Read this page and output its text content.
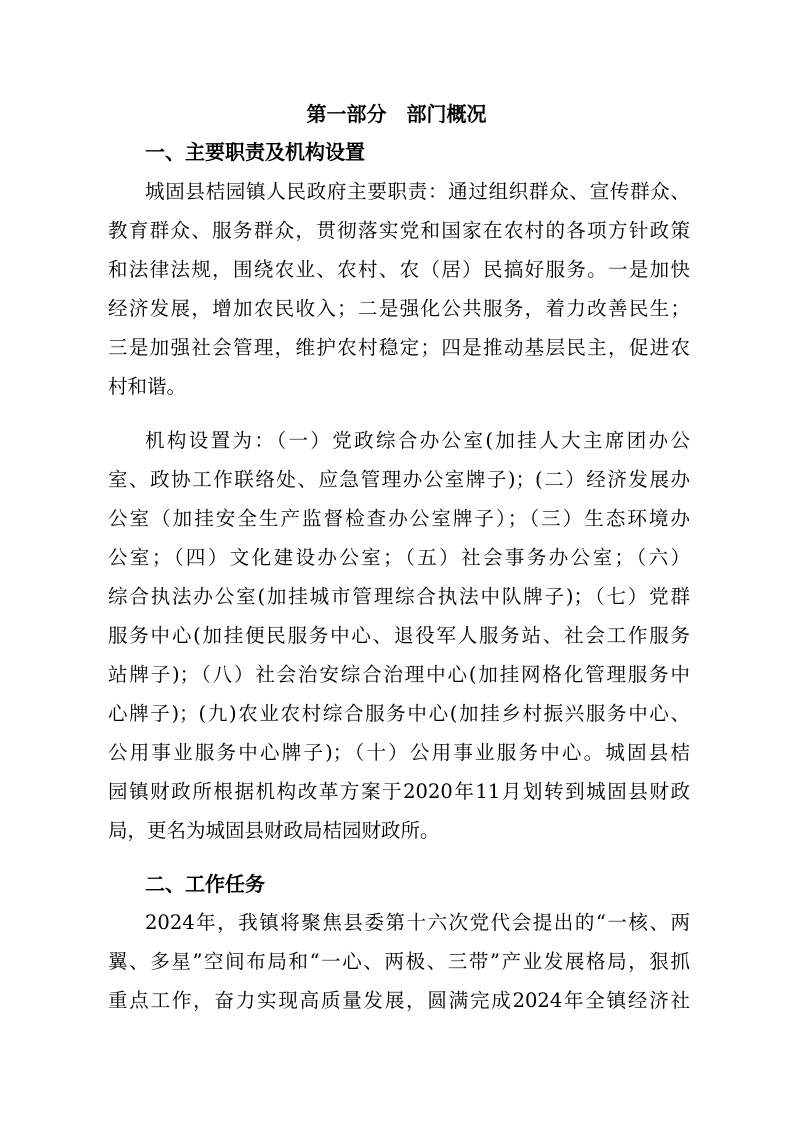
第一部分　部门概况
一、主要职责及机构设置
城固县桔园镇人民政府主要职责：通过组织群众、宣传群众、
教育群众、服务群众，贯彻落实党和国家在农村的各项方针政策
和法律法规，围绕农业、农村、农（居）民搞好服务。一是加快
经济发展，增加农民收入；二是强化公共服务，着力改善民生；
三是加强社会管理，维护农村稳定；四是推动基层民主，促进农
村和谐。
机构设置为：（一）党政综合办公室(加挂人大主席团办公
室、政协工作联络处、应急管理办公室牌子)；(二）经济发展办
公室（加挂安全生产监督检查办公室牌子）；（三）生态环境办
公室；（四）文化建设办公室；（五）社会事务办公室；（六）
综合执法办公室(加挂城市管理综合执法中队牌子)；（七）党群
服务中心(加挂便民服务中心、退役军人服务站、社会工作服务
站牌子)；（八）社会治安综合治理中心(加挂网格化管理服务中
心牌子)；(九)农业农村综合服务中心(加挂乡村振兴服务中心、
公用事业服务中心牌子)；（十）公用事业服务中心。城固县桔
园镇财政所根据机构改革方案于2020年11月划转到城固县财政
局，更名为城固县财政局桔园财政所。
二、工作任务
2024年，我镇将聚焦县委第十六次党代会提出的“一核、两
翼、多星”空间布局和“一心、两极、三带”产业发展格局，狠抓
重点工作，奋力实现高质量发展，圆满完成2024年全镇经济社
